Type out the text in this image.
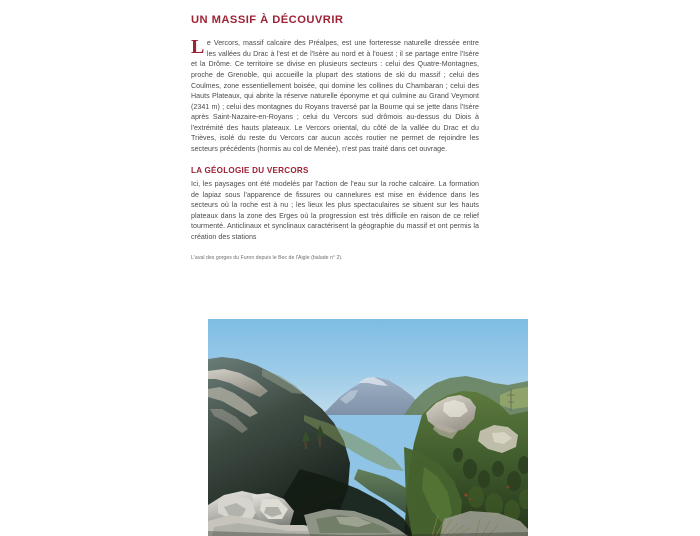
UN MASSIF À DÉCOUVRIR
L e Vercors, massif calcaire des Préalpes, est une forteresse naturelle dressée entre les vallées du Drac à l'est et de l'Isère au nord et à l'ouest ; il se partage entre l'Isère et la Drôme. Ce territoire se divise en plusieurs secteurs : celui des Quatre-Montagnes, proche de Grenoble, qui accueille la plupart des stations de ski du massif ; celui des Coulmes, zone essentiellement boisée, qui domine les collines du Chambaran ; celui des Hauts Plateaux, qui abrite la réserve naturelle éponyme et qui culmine au Grand Veymont (2341 m) ; celui des montagnes du Royans traversé par la Bourne qui se jette dans l'Isère après Saint-Nazaire-en-Royans ; celui du Vercors sud drômois au-dessus du Diois à l'extrémité des hauts plateaux. Le Vercors oriental, du côté de la vallée du Drac et du Trièves, isolé du reste du Vercors car aucun accès routier ne permet de rejoindre les secteurs précédents (hormis au col de Menée), n'est pas traité dans cet ouvrage.

LA GÉOLOGIE DU VERCORS

Ici, les paysages ont été modelés par l'action de l'eau sur la roche calcaire. La formation de lapiaz sous l'apparence de fissures ou cannelures est mise en évidence dans les secteurs où la roche est à nu ; les lieux les plus spectaculaires se situent sur les hauts plateaux dans la zone des Erges où la progression est très difficile en raison de ce relief tourmenté. Anticlinaux et synclinaux caractérisent la géographie du massif et ont permis la création des stations

L'aval des gorges du Furon depuis le Bec de l'Aigle (balade n° 2).
